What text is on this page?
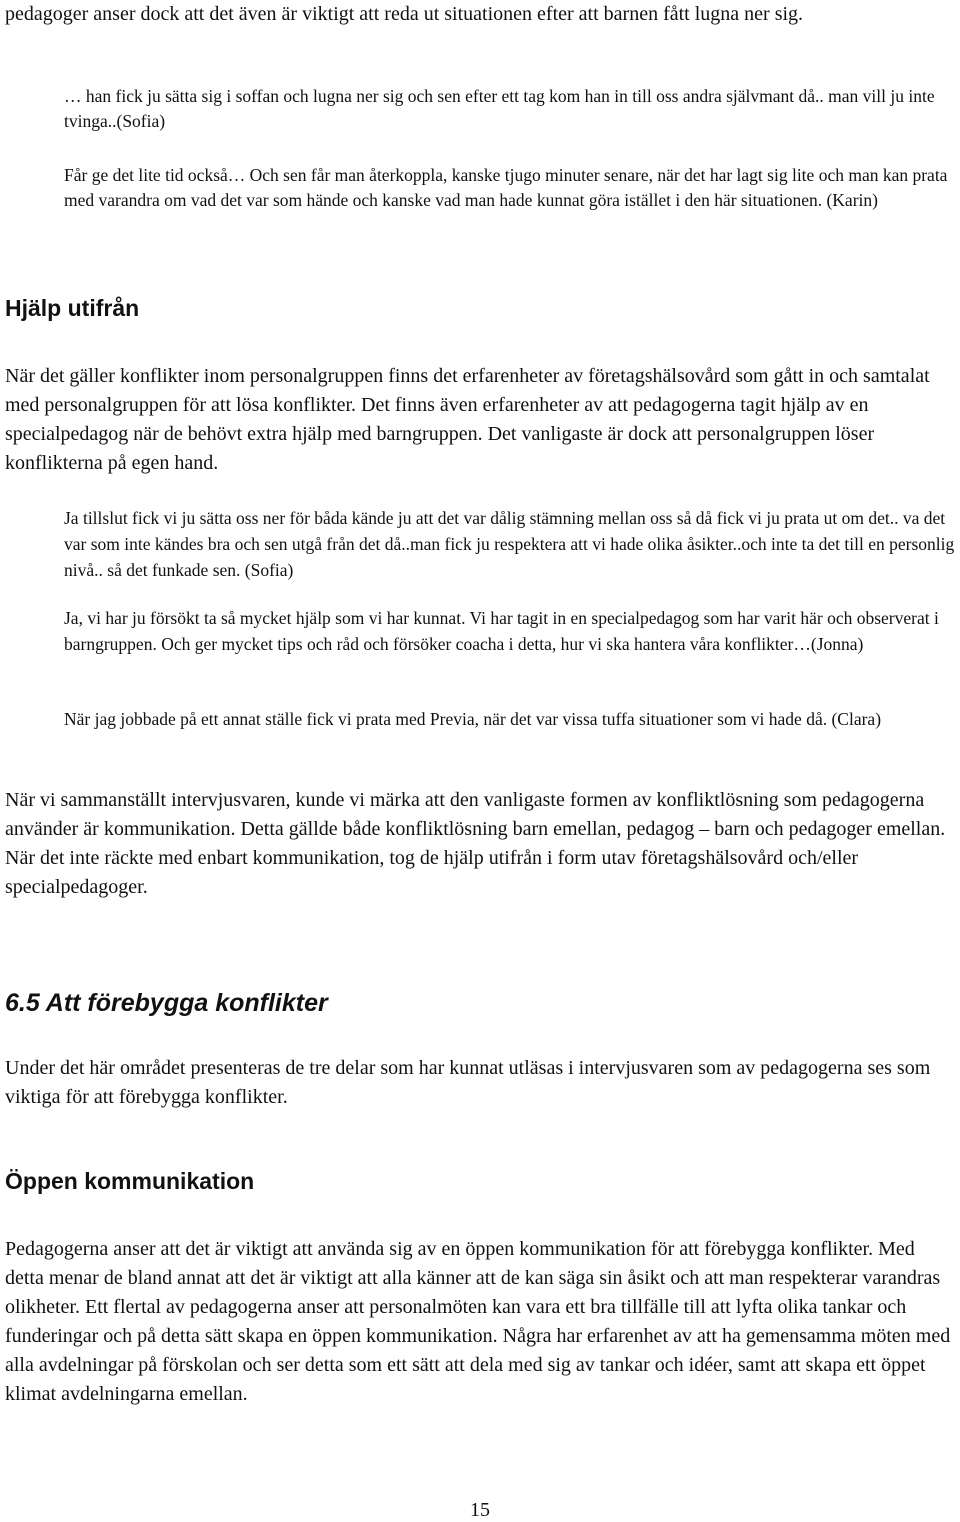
pedagoger anser dock att det även är viktigt att reda ut situationen efter att barnen fått lugna ner sig.

… han fick ju sätta sig i soffan och lugna ner sig och sen efter ett tag kom han in till oss andra självmant då.. man vill ju inte tvinga..(Sofia)

Får ge det lite tid också… Och sen får man återkoppla, kanske tjugo minuter senare, när det har lagt sig lite och man kan prata med varandra om vad det var som hände och kanske vad man hade kunnat göra istället i den här situationen. (Karin)

Hjälp utifrån

När det gäller konflikter inom personalgruppen finns det erfarenheter av företagshälsovård som gått in och samtalat med personalgruppen för att lösa konflikter. Det finns även erfarenheter av att pedagogerna tagit hjälp av en specialpedagog när de behövt extra hjälp med barngruppen. Det vanligaste är dock att personalgruppen löser konflikterna på egen hand.

Ja tillslut fick vi ju sätta oss ner för båda kände ju att det var dålig stämning mellan oss så då fick vi ju prata ut om det.. va det var som inte kändes bra och sen utgå från det då..man fick ju respektera att vi hade olika åsikter..och inte ta det till en personlig nivå.. så det funkade sen. (Sofia)

Ja, vi har ju försökt ta så mycket hjälp som vi har kunnat. Vi har tagit in en specialpedagog som har varit här och observerat i barngruppen. Och ger mycket tips och råd och försöker coacha i detta, hur vi ska hantera våra konflikter…(Jonna)

När jag jobbade på ett annat ställe fick vi prata med Previa, när det var vissa tuffa situationer som vi hade då. (Clara)

När vi sammanställt intervjusvaren, kunde vi märka att den vanligaste formen av konfliktlösning som pedagogerna använder är kommunikation. Detta gällde både konfliktlösning barn emellan, pedagog – barn och pedagoger emellan. När det inte räckte med enbart kommunikation, tog de hjälp utifrån i form utav företagshälsovård och/eller specialpedagoger.

6.5 Att förebygga konflikter

Under det här området presenteras de tre delar som har kunnat utläsas i intervjusvaren som av pedagogerna ses som viktiga för att förebygga konflikter.

Öppen kommunikation

Pedagogerna anser att det är viktigt att använda sig av en öppen kommunikation för att förebygga konflikter. Med detta menar de bland annat att det är viktigt att alla känner att de kan säga sin åsikt och att man respekterar varandras olikheter. Ett flertal av pedagogerna anser att personalmöten kan vara ett bra tillfälle till att lyfta olika tankar och funderingar och på detta sätt skapa en öppen kommunikation. Några har erfarenhet av att ha gemensamma möten med alla avdelningar på förskolan och ser detta som ett sätt att dela med sig av tankar och idéer, samt att skapa ett öppet klimat avdelningarna emellan.

15
